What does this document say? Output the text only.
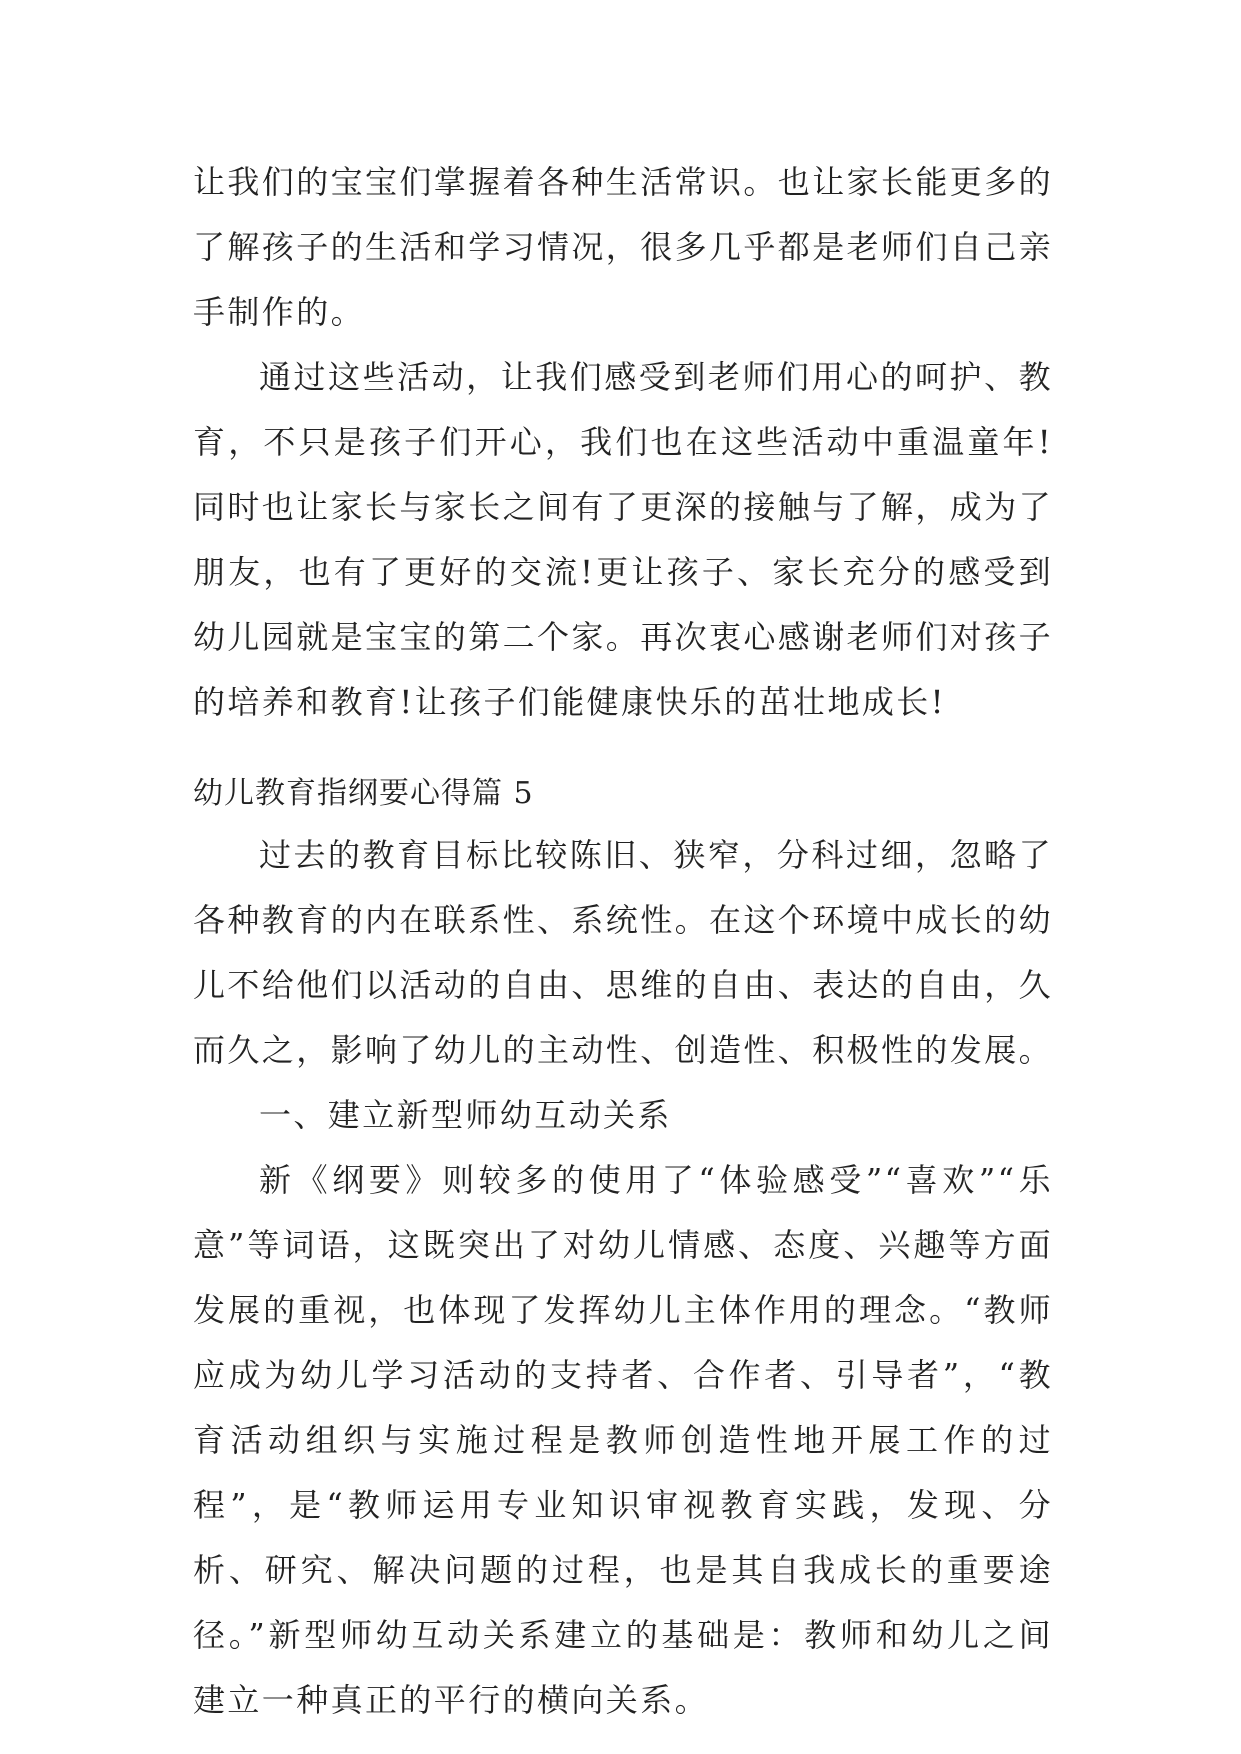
让我们的宝宝们掌握着各种生活常识。也让家长能更多的了解孩子的生活和学习情况，很多几乎都是老师们自己亲手制作的。

通过这些活动，让我们感受到老师们用心的呵护、教育，不只是孩子们开心，我们也在这些活动中重温童年!同时也让家长与家长之间有了更深的接触与了解，成为了朋友，也有了更好的交流!更让孩子、家长充分的感受到幼儿园就是宝宝的第二个家。再次衷心感谢老师们对孩子的培养和教育!让孩子们能健康快乐的茁壮地成长!

幼儿教育指纲要心得篇 5

过去的教育目标比较陈旧、狭窄，分科过细，忽略了各种教育的内在联系性、系统性。在这个环境中成长的幼儿不给他们以活动的自由、思维的自由、表达的自由，久而久之，影响了幼儿的主动性、创造性、积极性的发展。

一、建立新型师幼互动关系

新《纲要》则较多的使用了“体验感受”“喜欢”“乐意”等词语，这既突出了对幼儿情感、态度、兴趣等方面发展的重视，也体现了发挥幼儿主体作用的理念。“教师应成为幼儿学习活动的支持者、合作者、引导者”，“教育活动组织与实施过程是教师创造性地开展工作的过程”，是“教师运用专业知识审视教育实践，发现、分析、研究、解决问题的过程，也是其自我成长的重要途径。”新型师幼互动关系建立的基础是：教师和幼儿之间建立一种真正的平行的横向关系。
